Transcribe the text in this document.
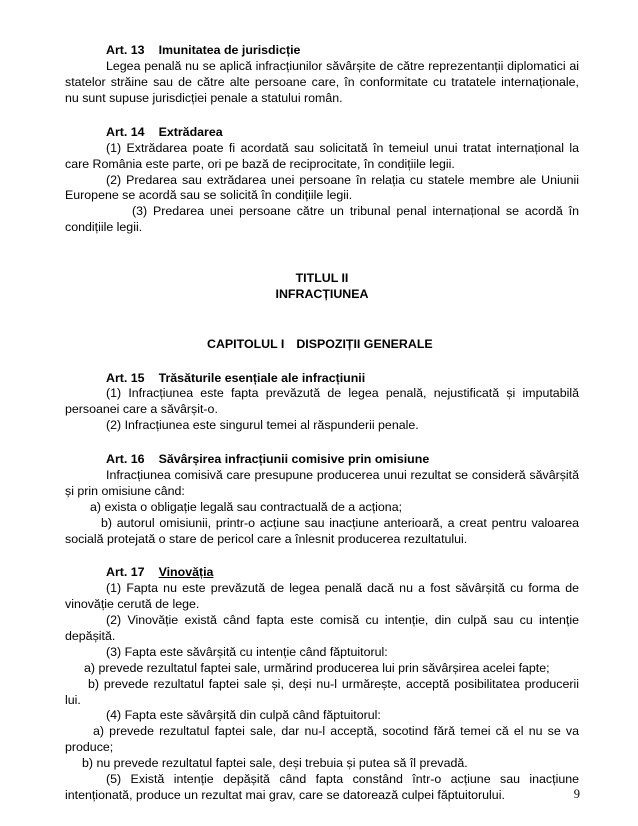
Art. 13 Imunitatea de jurisdicție
Legea penală nu se aplică infracțiunilor săvârșite de către reprezentanții diplomatici ai
statelor străine sau de către alte persoane care, în conformitate cu tratatele internaționale,
nu sunt supuse jurisdicției penale a statului român.
Art. 14 Extrădarea
(1) Extrădarea poate fi acordată sau solicitată în temeiul unui tratat internațional la
care România este parte, ori pe bază de reciprocitate, în condițiile legii.
(2) Predarea sau extrădarea unei persoane în relația cu statele membre ale Uniunii
Europene se acordă sau se solicită în condițiile legii.
(3) Predarea unei persoane către un tribunal penal internațional se acordă în
condițiile legii.
TITLUL II
INFRACȚIUNEA
CAPITOLUL I DISPOZIȚII GENERALE
Art. 15 Trăsăturile esențiale ale infracțiunii
(1) Infracțiunea este fapta prevăzută de legea penală, nejustificată și imputabilă
persoanei care a săvârșit-o.
(2) Infracțiunea este singurul temei al răspunderii penale.
Art. 16 Săvârșirea infracțiunii comisive prin omisiune
Infracțiunea comisivă care presupune producerea unui rezultat se consideră săvârșită
și prin omisiune când:
a) exista o obligație legală sau contractuală de a acționa;
b) autorul omisiunii, printr-o acțiune sau inacțiune anterioară, a creat pentru valoarea
socială protejată o stare de pericol care a înlesnit producerea rezultatului.
Art. 17 Vinovăția
(1) Fapta nu este prevăzută de legea penală dacă nu a fost săvârșită cu forma de
vinovăție cerută de lege.
(2) Vinovăție există când fapta este comisă cu intenție, din culpă sau cu intenție
depășită.
(3) Fapta este săvârșită cu intenție când făptuitorul:
a) prevede rezultatul faptei sale, urmărind producerea lui prin săvârșirea acelei fapte;
b) prevede rezultatul faptei sale și, deși nu-l urmărește, acceptă posibilitatea producerii
lui.
(4) Fapta este săvârșită din culpă când făptuitorul:
a) prevede rezultatul faptei sale, dar nu-l acceptă, socotind fără temei că el nu se va
produce;
b) nu prevede rezultatul faptei sale, deși trebuia și putea să îl prevadă.
(5) Există intenție depășită când fapta constând într-o acțiune sau inacțiune
intenționată, produce un rezultat mai grav, care se datorează culpei făptuitorului.	9
